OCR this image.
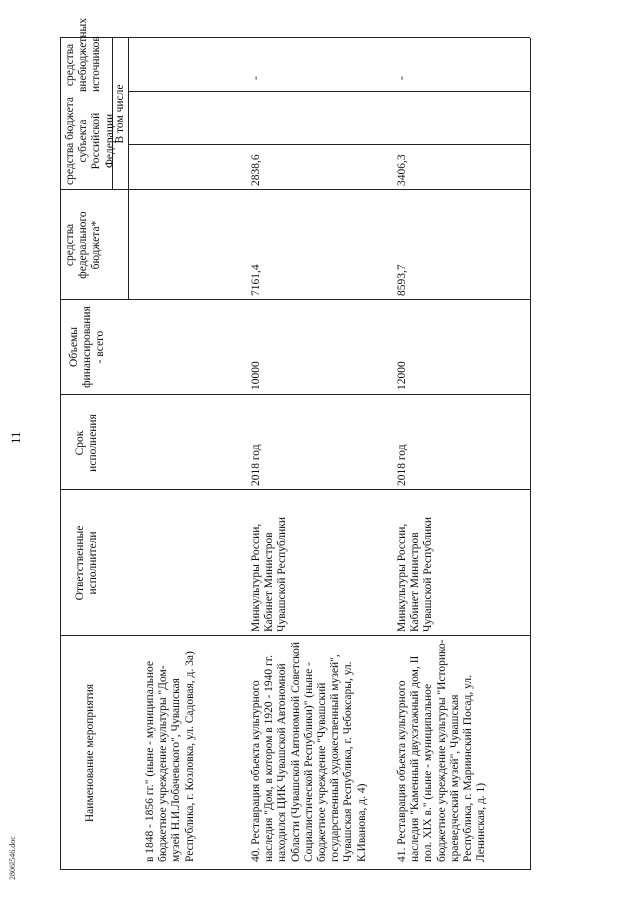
11
2806l546.doc
Наименование мероприятия
Ответственные исполнители
Срок исполнения
Объемы финансирования - всего
В том числе
средства федерального бюджета*
средства бюджета субъекта Российской Федерации
средства внебюджетных источников
в 1848 - 1856 гг." (ныне - муниципальное бюджетное учреждение культуры "Дом-музей Н.И.Лобачевского", Чувашская Республика, г. Козловка, ул. Садовая, д. 3а)	40. Реставрация объекта культурного наследия "Дом, в котором в 1920 - 1940 гг. находился ЦИК Чувашской Автономной Области (Чувашской Автономной Советской Социалистической Республики)" (ныне - бюджетное учреждение "Чувашский государственный художественный музей", Чувашская Республика, г. Чебоксары, ул. К.Иванова, д. 4)
Минкультуры России, Кабинет Министров Чувашской Республики
2018 год
10000
7161,4
2838,6
-
41. Реставрация объекта культурного наследия "Каменный двухэтажный дом, II пол. XIX в." (ныне - муниципальное бюджетное учреждение культуры "Историко-краеведческий музей", Чувашская Республика, г. Мариинский Посад, ул. Ленинская, д. 1)
Минкультуры России, Кабинет Министров Чувашской Республики
2018 год
12000
8593,7
3406,3
-
